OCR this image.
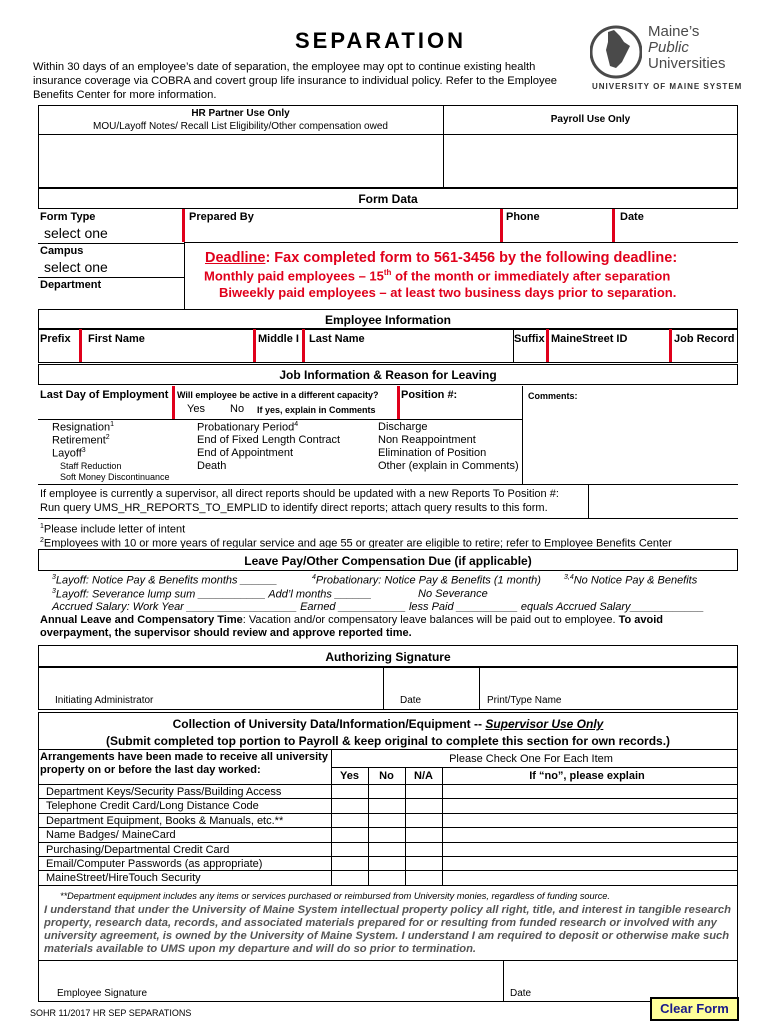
SEPARATION
Within 30 days of an employee’s date of separation, the employee may opt to continue existing health insurance coverage via COBRA and covert group life insurance to individual policy. Refer to the Employee Benefits Center for more information.
Maine’s
Public
Universities
UNIVERSITY OF MAINE SYSTEM
HR Partner Use Only
MOU/Layoff Notes/ Recall List Eligibility/Other compensation owed
Payroll Use Only
Form Data
Form Type
select one
Prepared By	Phone	Date
Campus
select one
Department
Deadline: Fax completed form to 561-3456 by the following deadline:
Monthly paid employees – 15th of the month or immediately after separation
Biweekly paid employees – at least two business days prior to separation.
Employee Information
Prefix First Name	Middle I Last Name	Suffix MaineStreet ID	Job Record
Job Information & Reason for Leaving
Last Day of Employment Will employee be active in a different capacity?
Yes No If yes, explain in Comments
Position #:	Comments:
Resignation$^1$
Retirement$^2$
Layoff$^3$
Staff Reduction
Soft Money Discontinuance
Probationary Period$^4$
End of Fixed Length Contract
End of Appointment
Death
Discharge
Non Reappointment
Elimination of Position
Other (explain in Comments)
If employee is currently a supervisor, all direct reports should be updated with a new Reports To Position #:
Run query UMS_HR_REPORTS_TO_EMPLID to identify direct reports; attach query results to this form.
$^1$Please include letter of intent
$^2$Employees with 10 or more years of regular service and age 55 or greater are eligible to retire; refer to Employee Benefits Center
Leave Pay/Other Compensation Due (if applicable)
$^3$Layoff: Notice Pay & Benefits months ______	$^4$Probationary: Notice Pay & Benefits (1 month)	$^{3,4}$No Notice Pay & Benefits
$^3$Layoff: Severance lump sum ___________ Add’l months ______	No Severance
Accrued Salary: Work Year __________________ Earned ___________ less Paid __________ equals Accrued Salary____________
Annual Leave and Compensatory Time: Vacation and/or compensatory leave balances will be paid out to employee. To avoid overpayment, the supervisor should review and approve reported time.
Authorizing Signature
Initiating Administrator	Date	Print/Type Name
Collection of University Data/Information/Equipment -- Supervisor Use Only
(Submit completed top portion to Payroll & keep original to complete this section for own records.)
Arrangements have been made to receive all university property on or before the last day worked:
Please Check One For Each Item
Yes	No	N/A	If “no”, please explain
Department Keys/Security Pass/Building Access
Telephone Credit Card/Long Distance Code
Department Equipment, Books & Manuals, etc.**
Name Badges/ MaineCard
Purchasing/Departmental Credit Card
Email/Computer Passwords (as appropriate)
MaineStreet/HireTouch Security
**Department equipment includes any items or services purchased or reimbursed from University monies, regardless of funding source.
I understand that under the University of Maine System intellectual property policy all right, title, and interest in tangible research property, research data, records, and associated materials prepared for or resulting from funded research or involved with any university agreement, is owned by the University of Maine System. I understand I am required to deposit or otherwise make such materials available to UMS upon my departure and will do so prior to termination.
Employee Signature	Date
SOHR 11/2017 HR SEP SEPARATIONS	Clear Form
